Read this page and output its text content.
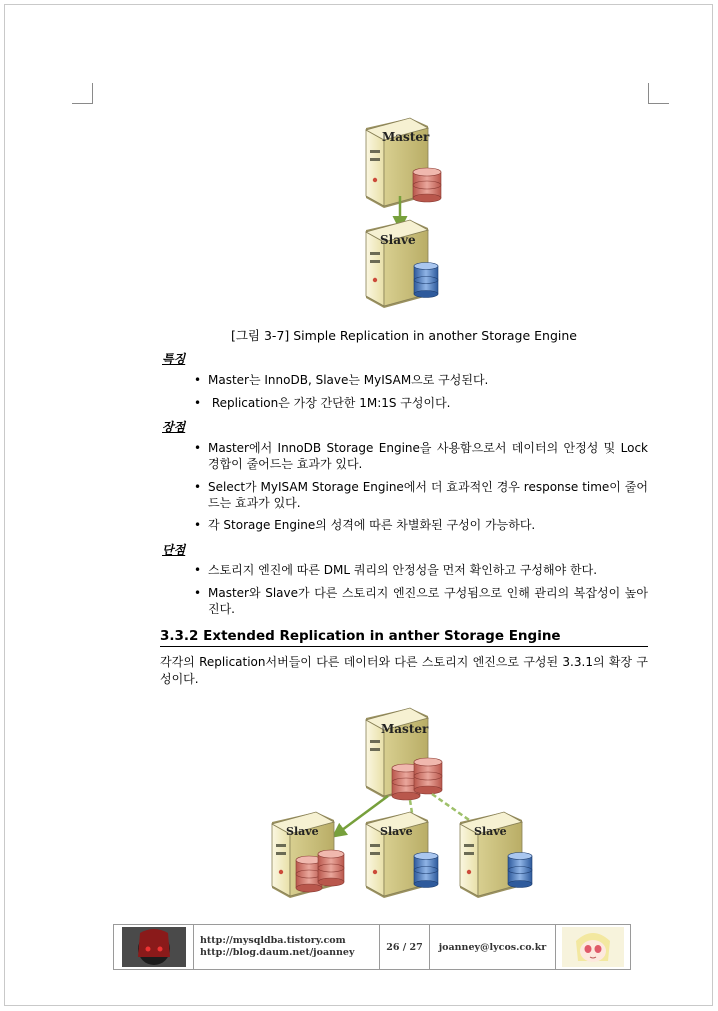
Master
Slave
[그림 3-7] Simple Replication in another Storage Engine
특징
• Master는 InnoDB, Slave는 MyISAM으로 구성된다.
• Replication은 가장 간단한 1M:1S 구성이다.
장점
• Master에서 InnoDB Storage Engine을 사용함으로서 데이터의 안정성 및 Lock 경합이 줄어드는 효과가 있다.
• Select가 MyISAM Storage Engine에서 더 효과적인 경우 response time이 줄어드는 효과가 있다.
• 각 Storage Engine의 성격에 따른 차별화된 구성이 가능하다.
단점
• 스토리지 엔진에 따른 DML 쿼리의 안정성을 먼저 확인하고 구성해야 한다.
• Master와 Slave가 다른 스토리지 엔진으로 구성됨으로 인해 관리의 복잡성이 높아진다.
3.3.2 Extended Replication in anther Storage Engine
각각의 Replication서버들이 다른 데이터와 다른 스토리지 엔진으로 구성된 3.3.1의 확장 구성이다.
Master
Slave	Slave	Slave
http://mysqldba.tistory.com
http://blog.daum.net/joanney	26 / 27	joanney@lycos.co.kr
